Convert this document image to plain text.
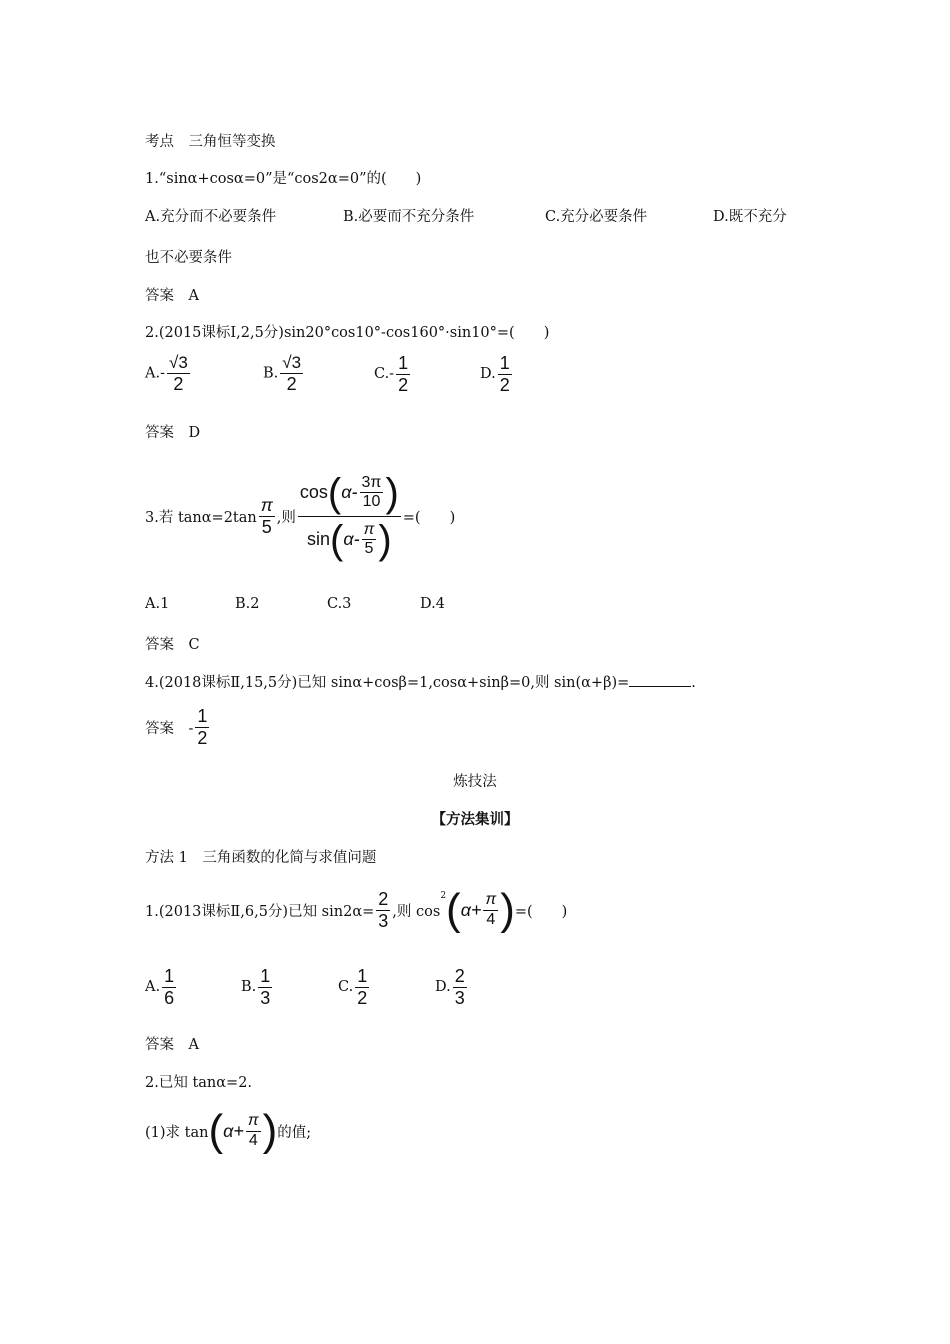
考点　三角恒等变换
1.“sinα+cosα=0”是“cos2α=0”的(　　)
A.充分而不必要条件	B.必要而不充分条件	C.充分必要条件	D.既不充分
也不必要条件
答案　A
2.(2015课标Ⅰ,2,5分)sin20°cos10°-cos160°·sin10°=(　　)
$A.- \frac{√3}{2}$	B. $\frac{√3}{2}$	$C.- \frac{1}{2}$	D. $\frac{1}{2}$
答案　D
3.若 $\tan\alpha=2\tan \frac{\pi}{5}$ ,则 $\frac{\cos ( \alpha- \frac{3\pi}{10} )}{\sin ( \alpha- \frac{\pi}{5} )}$ =(　　)
A.1	B.2	C.3	D.4
答案　C
4.(2018课标Ⅱ,15,5分)已知 sinα+cosβ=1,cosα+sinβ=0,则 sin(α+β)=	.
答案　- $\frac{1}{2}$
炼技法
【方法集训】
方法 1　三角函数的化简与求值问题
1.(2013课标Ⅱ,6,5分)已知 $\sin 2\alpha= \frac{2}{3}$ ,则 cos
2 ( $\alpha+ \frac{\pi}{4}$ ) =(　　)
A. $\frac{1}{6}$	B. $\frac{1}{3}$	C. $\frac{1}{2}$	D. $\frac{2}{3}$
答案　A
2.已知 tanα=2.
(1)求 tan ( $\alpha+ \frac{\pi}{4}$ ) 的值;
